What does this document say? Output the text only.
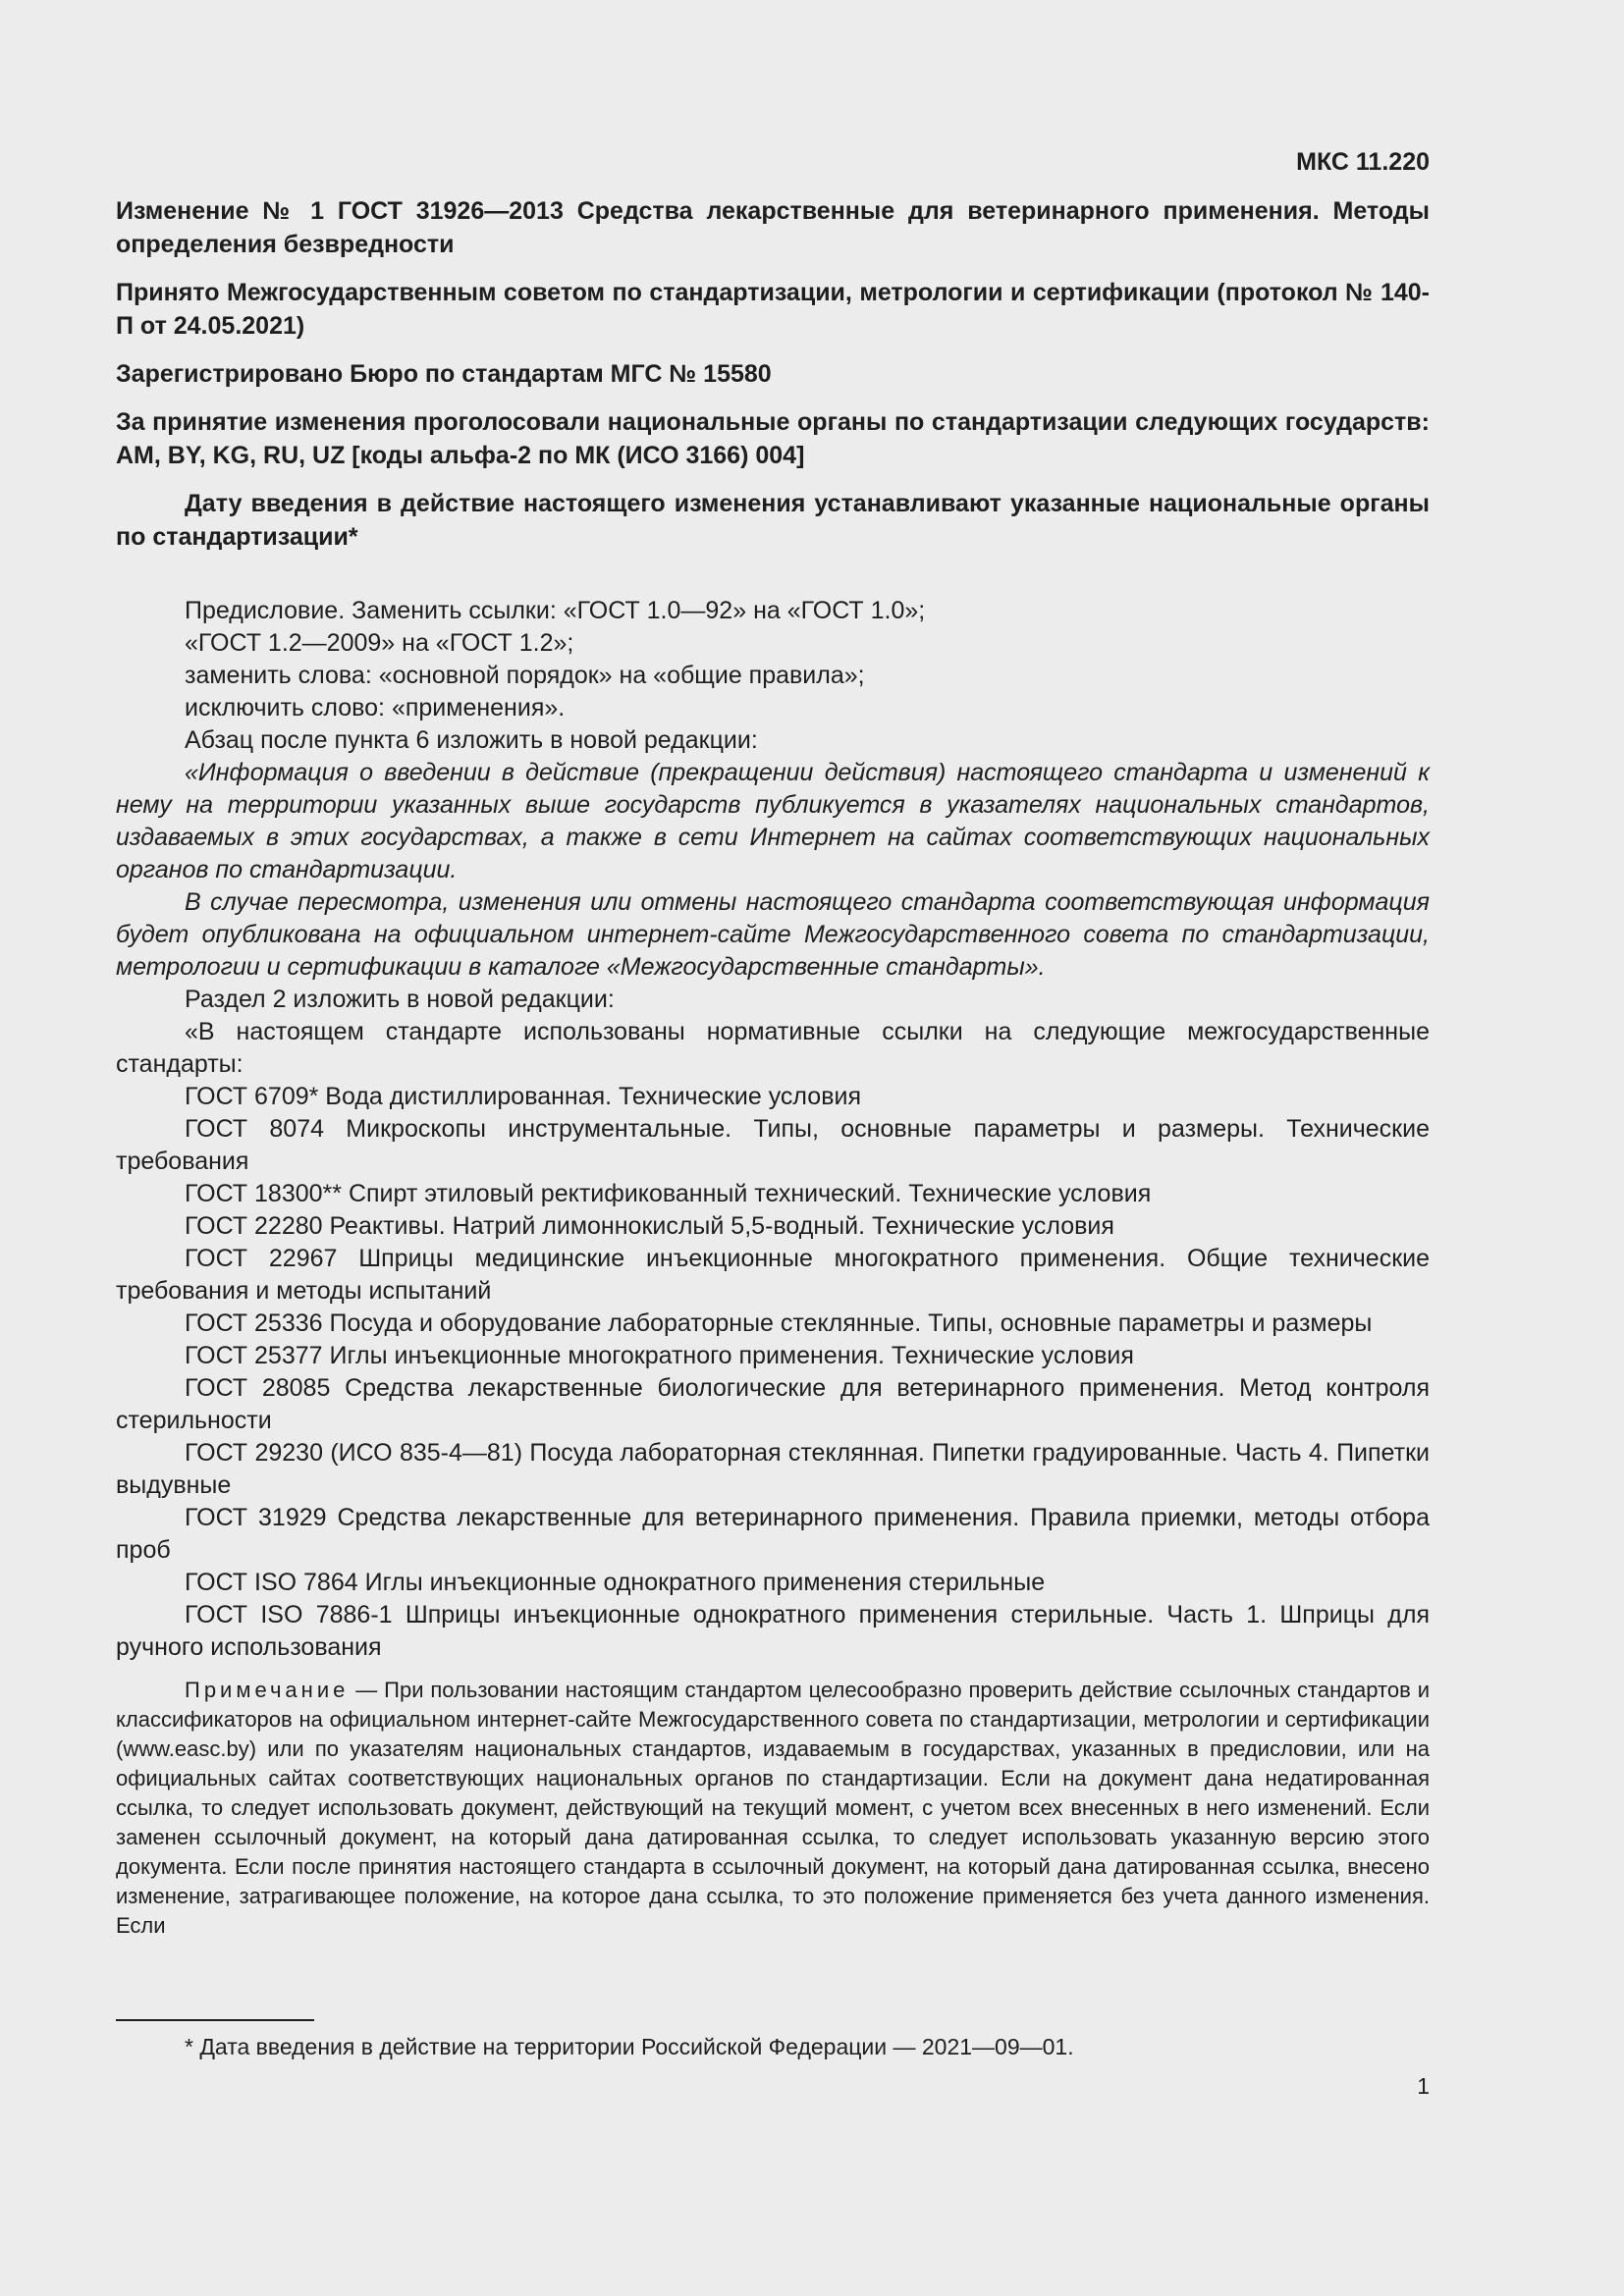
МКС 11.220
Изменение № 1 ГОСТ 31926—2013 Средства лекарственные для ветеринарного применения. Методы определения безвредности
Принято Межгосударственным советом по стандартизации, метрологии и сертификации (протокол № 140-П от 24.05.2021)
Зарегистрировано Бюро по стандартам МГС № 15580
За принятие изменения проголосовали национальные органы по стандартизации следующих государств: AM, BY, KG, RU, UZ [коды альфа-2 по МК (ИСО 3166) 004]
Дату введения в действие настоящего изменения устанавливают указанные национальные органы по стандартизации*

Предисловие. Заменить ссылки: «ГОСТ 1.0—92» на «ГОСТ 1.0»;

«ГОСТ 1.2—2009» на «ГОСТ 1.2»;

заменить слова: «основной порядок» на «общие правила»;

исключить слово: «применения».

Абзац после пункта 6 изложить в новой редакции:

«Информация о введении в действие (прекращении действия) настоящего стандарта и изменений к нему на территории указанных выше государств публикуется в указателях национальных стандартов, издаваемых в этих государствах, а также в сети Интернет на сайтах соответствующих национальных органов по стандартизации.

В случае пересмотра, изменения или отмены настоящего стандарта соответствующая информация будет опубликована на официальном интернет-сайте Межгосударственного совета по стандартизации, метрологии и сертификации в каталоге «Межгосударственные стандарты».

Раздел 2 изложить в новой редакции:

«В настоящем стандарте использованы нормативные ссылки на следующие межгосударственные стандарты:

ГОСТ 6709* Вода дистиллированная. Технические условия

ГОСТ 8074 Микроскопы инструментальные. Типы, основные параметры и размеры. Технические требования

ГОСТ 18300** Спирт этиловый ректификованный технический. Технические условия

ГОСТ 22280 Реактивы. Натрий лимоннокислый 5,5-водный. Технические условия

ГОСТ 22967 Шприцы медицинские инъекционные многократного применения. Общие технические требования и методы испытаний

ГОСТ 25336 Посуда и оборудование лабораторные стеклянные. Типы, основные параметры и размеры

ГОСТ 25377 Иглы инъекционные многократного применения. Технические условия

ГОСТ 28085 Средства лекарственные биологические для ветеринарного применения. Метод контроля стерильности

ГОСТ 29230 (ИСО 835-4—81) Посуда лабораторная стеклянная. Пипетки градуированные. Часть 4. Пипетки выдувные

ГОСТ 31929 Средства лекарственные для ветеринарного применения. Правила приемки, методы отбора проб

ГОСТ ISO 7864 Иглы инъекционные однократного применения стерильные

ГОСТ ISO 7886-1 Шприцы инъекционные однократного применения стерильные. Часть 1. Шприцы для ручного использования

Примечание — При пользовании настоящим стандартом целесообразно проверить действие ссылочных стандартов и классификаторов на официальном интернет-сайте Межгосударственного совета по стандартизации, метрологии и сертификации (www.easc.by) или по указателям национальных стандартов, издаваемым в государствах, указанных в предисловии, или на официальных сайтах соответствующих национальных органов по стандартизации. Если на документ дана недатированная ссылка, то следует использовать документ, действующий на текущий момент, с учетом всех внесенных в него изменений. Если заменен ссылочный документ, на который дана датированная ссылка, то следует использовать указанную версию этого документа. Если после принятия настоящего стандарта в ссылочный документ, на который дана датированная ссылка, внесено изменение, затрагивающее положение, на которое дана ссылка, то это положение применяется без учета данного изменения. Если

* Дата введения в действие на территории Российской Федерации — 2021—09—01.
1
